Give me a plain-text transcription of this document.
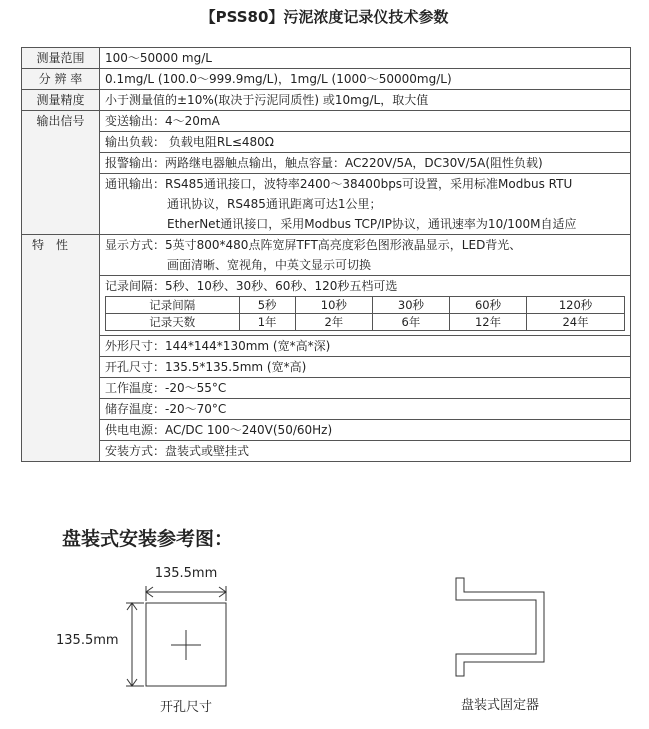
【PSS80】污泥浓度记录仪技术参数
测量范围	100～50000 mg/L
分 辨 率	0.1mg/L (100.0～999.9mg/L)，1mg/L (1000～50000mg/L)
测量精度	小于测量值的±10%(取决于污泥同质性) 或10mg/L，取大值
输出信号	变送输出：4～20mA
输出负载： 负载电阻RL≤480Ω
报警输出：两路继电器触点输出，触点容量：AC220V/5A，DC30V/5A(阻性负载)

通讯输出：RS485通讯接口，波特率2400～38400bps可设置，采用标准Modbus RTU
通讯协议，RS485通讯距离可达1公里；
EtherNet通讯接口，采用Modbus TCP/IP协议，通讯速率为10/100M自适应

特　性	显示方式：5英寸800*480点阵宽屏TFT高亮度彩色图形液晶显示，LED背光、
画面清晰、宽视角，中英文显示可切换

记录间隔：5秒、10秒、30秒、60秒、120秒五档可选
记录间隔	5秒	10秒	30秒	60秒	120秒
记录天数	1年	2年	6年	12年	24年

外形尺寸：144*144*130mm (宽*高*深)
开孔尺寸：135.5*135.5mm (宽*高)
工作温度：-20～55°C
储存温度：-20～70°C
供电电源：AC/DC 100～240V(50/60Hz)
安装方式：盘装式或壁挂式
盘装式安装参考图：
135.5mm
135.5mm
开孔尺寸	盘装式固定器
